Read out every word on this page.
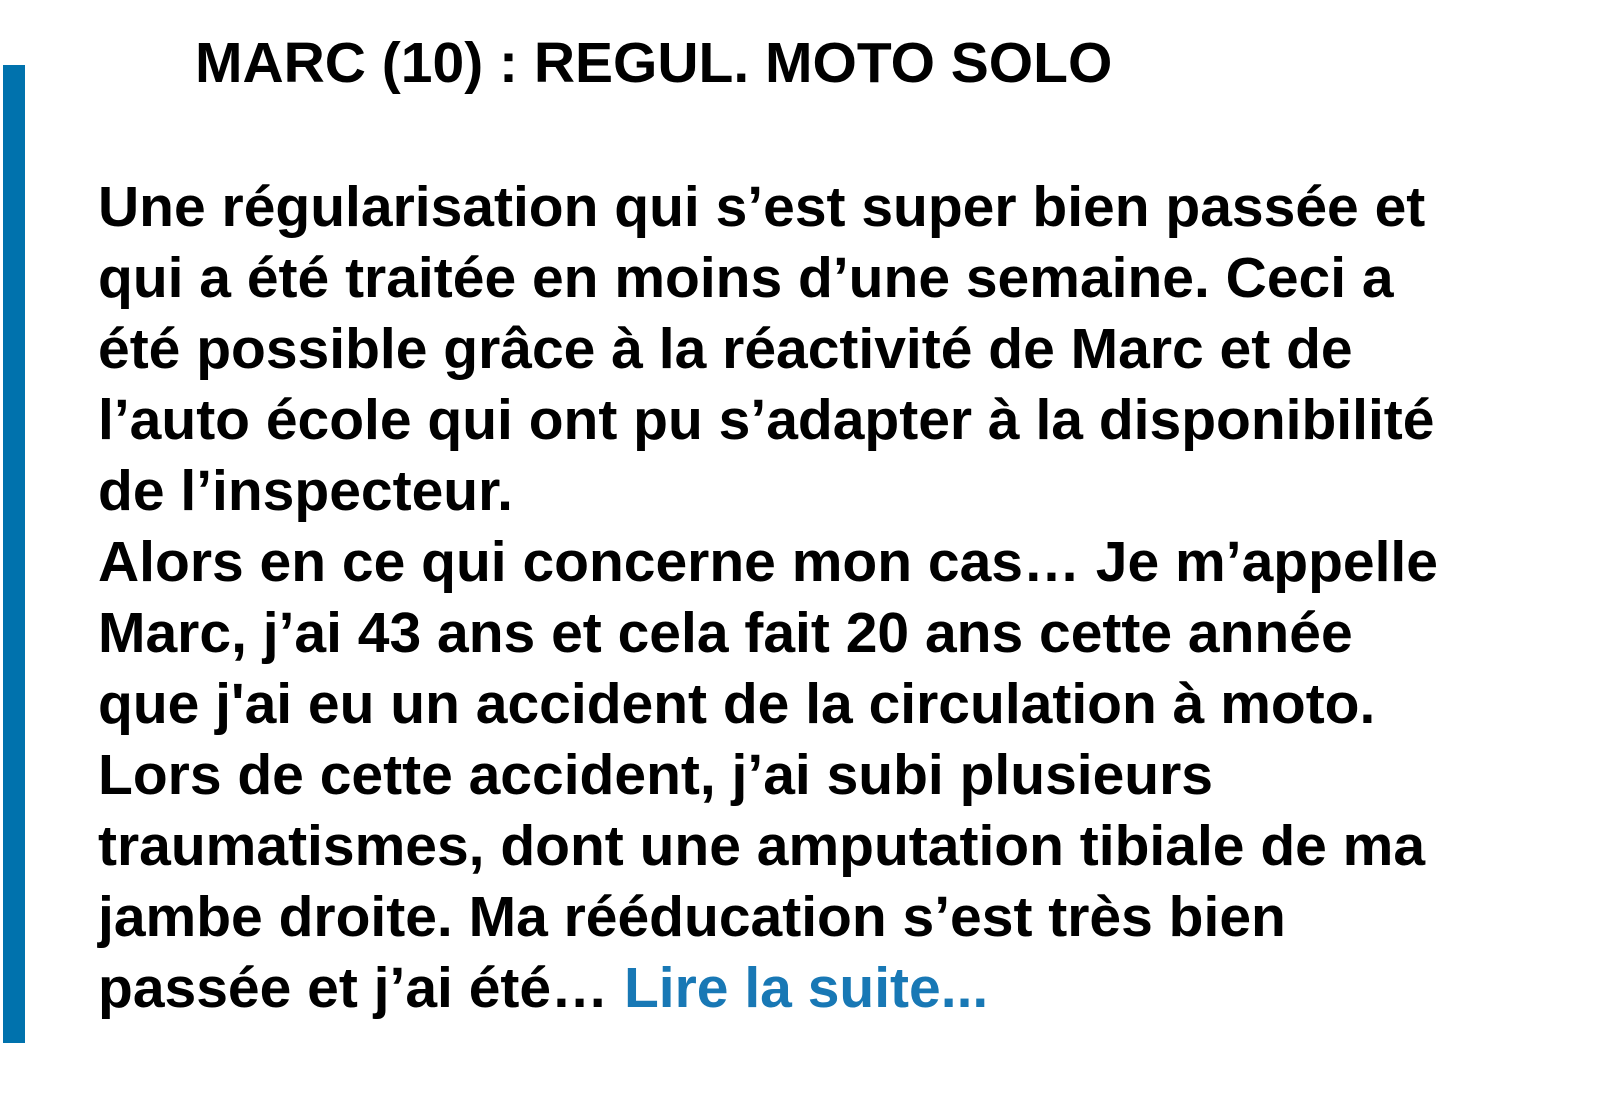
MARC (10) : REGUL. MOTO SOLO
Une régularisation qui s’est super bien passée et
qui a été traitée en moins d’une semaine. Ceci a
été possible grâce à la réactivité de Marc et de
l’auto école qui ont pu s’adapter à la disponibilité
de l’inspecteur.
Alors en ce qui concerne mon cas… Je m’appelle
Marc, j’ai 43 ans et cela fait 20 ans cette année
que j'ai eu un accident de la circulation à moto.
Lors de cette accident, j’ai subi plusieurs
traumatismes, dont une amputation tibiale de ma
jambe droite. Ma rééducation s’est très bien
passée et j’ai été… Lire la suite...
